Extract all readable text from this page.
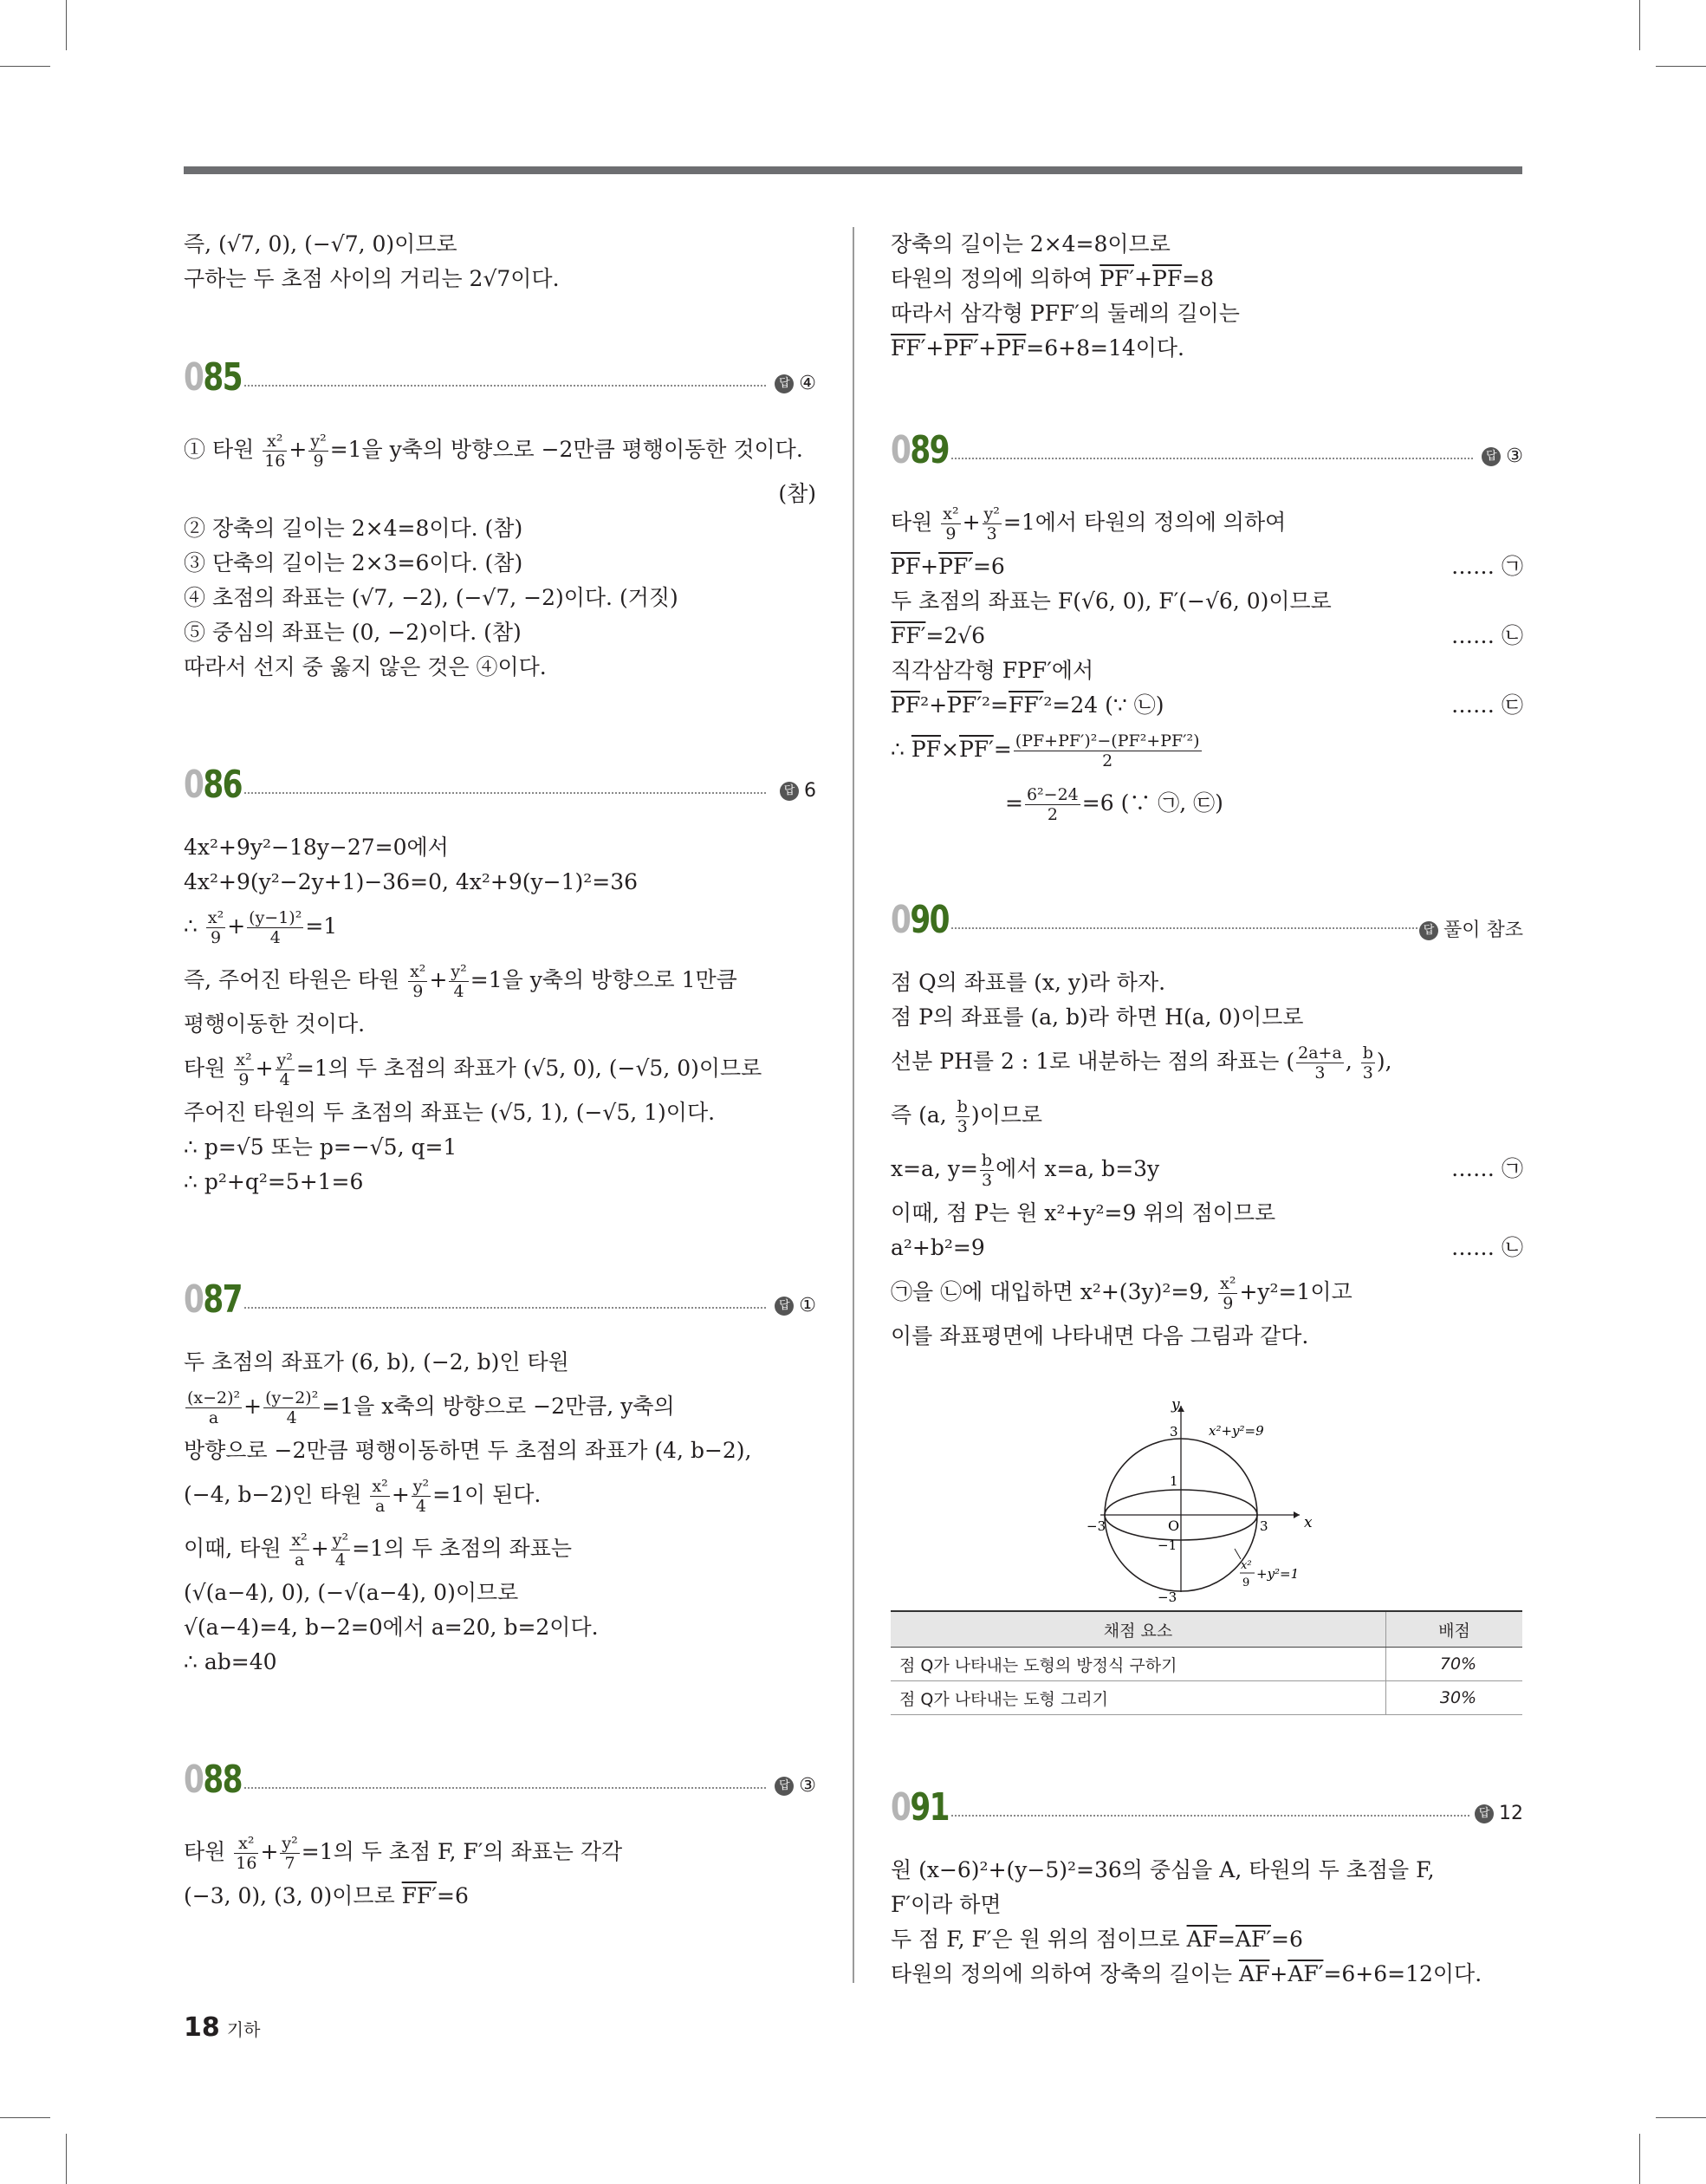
즉, (√7, 0), (−√7, 0)이므로
구하는 두 초점 사이의 거리는 2√7이다.
085	답 ④
① 타원 $\frac{\text{x²}}{16} + \frac{\text{y²}}{9} =1$을 y축의 방향으로 −2만큼 평행이동한 것이다.
(참)
② 장축의 길이는 2×4=8이다. (참)
③ 단축의 길이는 2×3=6이다. (참)
④ 초점의 좌표는 (√7, −2), (−√7, −2)이다. (거짓)
⑤ 중심의 좌표는 (0, −2)이다. (참)
따라서 선지 중 옳지 않은 것은 ④이다.
086	답 6
4x²+9y²−18y−27=0에서
4x²+9(y²−2y+1)−36=0, 4x²+9(y−1)²=36
∴ $\frac{\text{x²}}{9} + \frac{\text{(y−1)²}}{4} =1$
즉, 주어진 타원은 타원 $\frac{\text{x²}}{9} + \frac{\text{y²}}{4} =1$을 y축의 방향으로 1만큼
평행이동한 것이다.
타원 $\frac{\text{x²}}{9} + \frac{\text{y²}}{4} =1$의 두 초점의 좌표가 (√5, 0), (−√5, 0)이므로
주어진 타원의 두 초점의 좌표는 (√5, 1), (−√5, 1)이다.
∴ p=√5 또는 p=−√5, q=1
∴ p²+q²=5+1=6
087	답 ①
두 초점의 좌표가 (6, b), (−2, b)인 타원
$\frac{\text{(x−2)²}}{a} + \frac{\text{(y−2)²}}{4} =1$을 x축의 방향으로 −2만큼, y축의
방향으로 −2만큼 평행이동하면 두 초점의 좌표가 (4, b−2),
(−4, b−2)인 타원 $\frac{\text{x²}}{a} + \frac{\text{y²}}{4} =1$이 된다.
이때, 타원 $\frac{\text{x²}}{a} + \frac{\text{y²}}{4} =1$의 두 초점의 좌표는
(√(a−4), 0), (−√(a−4), 0)이므로
√(a−4)=4, b−2=0에서 a=20, b=2이다.
∴ ab=40
088	답 ③
타원 $\frac{\text{x²}}{16} + \frac{\text{y²}}{7} =1$의 두 초점 F, F′의 좌표는 각각
(−3, 0), (3, 0)이므로 FF′=6
장축의 길이는 2×4=8이므로
타원의 정의에 의하여 $PF'+\overline{PF}=8$
따라서 삼각형 PFF′의 둘레의 길이는
$FF'+PF'+\overline{PF}=6+8=14$이다.
089	답 ③
타원 $\frac{\text{x²}}{9} + \frac{\text{y²}}{3} =1$에서 타원의 정의에 의하여
$\overline{PF}+PF'=6$	…… ㉠
두 초점의 좌표는 F(√6, 0), F′(−√6, 0)이므로
FF′=2√6	…… ㉡
직각삼각형 FPF′에서
$\overline{PF}^2+PF'^2=FF'^2=24$ (∵ ㉡)	…… ㉢
∴ $\overline{PF}\times PF'= \frac{\text{(PF+PF′)²−(PF²+PF′²)}}{2}$
= $\frac{\text{6²−24}}{2} =6$ (∵ ㉠, ㉢)
090	답 풀이 참조
점 Q의 좌표를 (x, y)라 하자.
점 P의 좌표를 (a, b)라 하면 H(a, 0)이므로
선분 PH를 2 : 1로 내분하는 점의 좌표는 ( $\frac{2a+a}{3}$ , $\frac{b}{3}$ ),
즉 (a, $\frac{b}{3}$ )이므로
x=a, $y= \frac{b}{3}$ 에서 x=a, b=3y	…… ㉠
이때, 점 P는 원 x²+y²=9 위의 점이므로
a²+b²=9	…… ㉡
㉠을 ㉡에 대입하면 x²+(3y)²=9, $\frac{\text{x²}}{9} +y^2=1$이고
이를 좌표평면에 나타내면 다음 그림과 같다.
y
x
O
3
1
−1
−3
3
−3
x²+y²=9
x²
9
+y²=1
채점 요소	배점
점 Q가 나타내는 도형의 방정식 구하기	70%
점 Q가 나타내는 도형 그리기	30%
091	답 12
원 (x−6)²+(y−5)²=36의 중심을 A, 타원의 두 초점을 F,
F′이라 하면
두 점 F, F′은 원 위의 점이므로 $\overline{AF}=AF'=6$
타원의 정의에 의하여 장축의 길이는 $\overline{AF}+AF'=6+6=12$이다.
18 기하
